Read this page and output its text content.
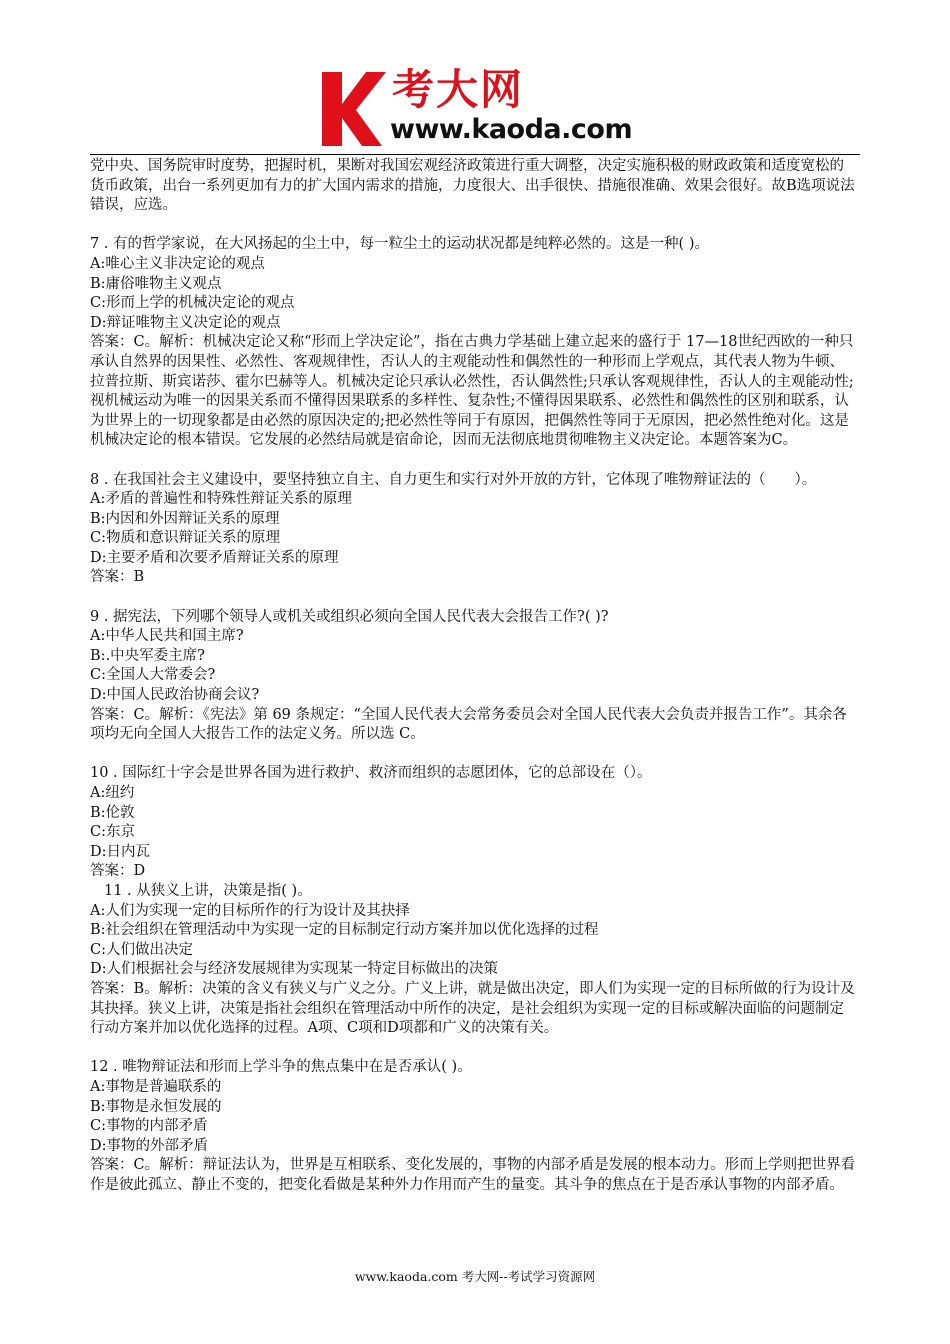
考大网
www.kaoda.com

党中央、国务院审时度势，把握时机，果断对我国宏观经济政策进行重大调整，决定实施积极的财政政策和适度宽松的货币政策，出台一系列更加有力的扩大国内需求的措施，力度很大、出手很快、措施很准确、效果会很好。故B选项说法错误，应选。

7 . 有的哲学家说，在大风扬起的尘土中，每一粒尘土的运动状况都是纯粹必然的。这是一种( )。

A:唯心主义非决定论的观点

B:庸俗唯物主义观点

C:形而上学的机械决定论的观点

D:辩证唯物主义决定论的观点

答案：C。解析：机械决定论又称“形而上学决定论”，指在古典力学基础上建立起来的盛行于 17—18世纪西欧的一种只承认自然界的因果性、必然性、客观规律性，否认人的主观能动性和偶然性的一种形而上学观点，其代表人物为牛顿、拉普拉斯、斯宾诺莎、霍尔巴赫等人。机械决定论只承认必然性，否认偶然性;只承认客观规律性，否认人的主观能动性;视机械运动为唯一的因果关系而不懂得因果联系的多样性、复杂性;不懂得因果联系、必然性和偶然性的区别和联系，认为世界上的一切现象都是由必然的原因决定的;把必然性等同于有原因，把偶然性等同于无原因，把必然性绝对化。这是机械决定论的根本错误。它发展的必然结局就是宿命论，因而无法彻底地贯彻唯物主义决定论。本题答案为C。

8 . 在我国社会主义建设中，要坚持独立自主、自力更生和实行对外开放的方针，它体现了唯物辩证法的（　　）。

A:矛盾的普遍性和特殊性辩证关系的原理

B:内因和外因辩证关系的原理

C:物质和意识辩证关系的原理

D:主要矛盾和次要矛盾辩证关系的原理

答案：B

9 . 据宪法，下列哪个领导人或机关或组织必须向全国人民代表大会报告工作?( )?

A:中华人民共和国主席?

B:.中央军委主席?

C:全国人大常委会?

D:中国人民政治协商会议?

答案：C。解析：《宪法》第 69 条规定：“全国人民代表大会常务委员会对全国人民代表大会负责并报告工作”。其余各项均无向全国人大报告工作的法定义务。所以选 C。

10 . 国际红十字会是世界各国为进行救护、救济而组织的志愿团体，它的总部设在（）。

A:纽约

B:伦敦

C:东京

D:日内瓦

答案：D

11 . 从狭义上讲，决策是指( )。

A:人们为实现一定的目标所作的行为设计及其抉择

B:社会组织在管理活动中为实现一定的目标制定行动方案并加以优化选择的过程

C:人们做出决定

D:人们根据社会与经济发展规律为实现某一特定目标做出的决策

答案：B。解析：决策的含义有狭义与广义之分。广义上讲，就是做出决定，即人们为实现一定的目标所做的行为设计及其抉择。狭义上讲，决策是指社会组织在管理活动中所作的决定，是社会组织为实现一定的目标或解决面临的问题制定行动方案并加以优化选择的过程。A项、C项和D项都和广义的决策有关。

12 . 唯物辩证法和形而上学斗争的焦点集中在是否承认( )。

A:事物是普遍联系的

B:事物是永恒发展的

C:事物的内部矛盾

D:事物的外部矛盾

答案：C。解析：辩证法认为，世界是互相联系、变化发展的，事物的内部矛盾是发展的根本动力。形而上学则把世界看作是彼此孤立、静止不变的，把变化看做是某种外力作用而产生的量变。其斗争的焦点在于是否承认事物的内部矛盾。

www.kaoda.com 考大网--考试学习资源网
